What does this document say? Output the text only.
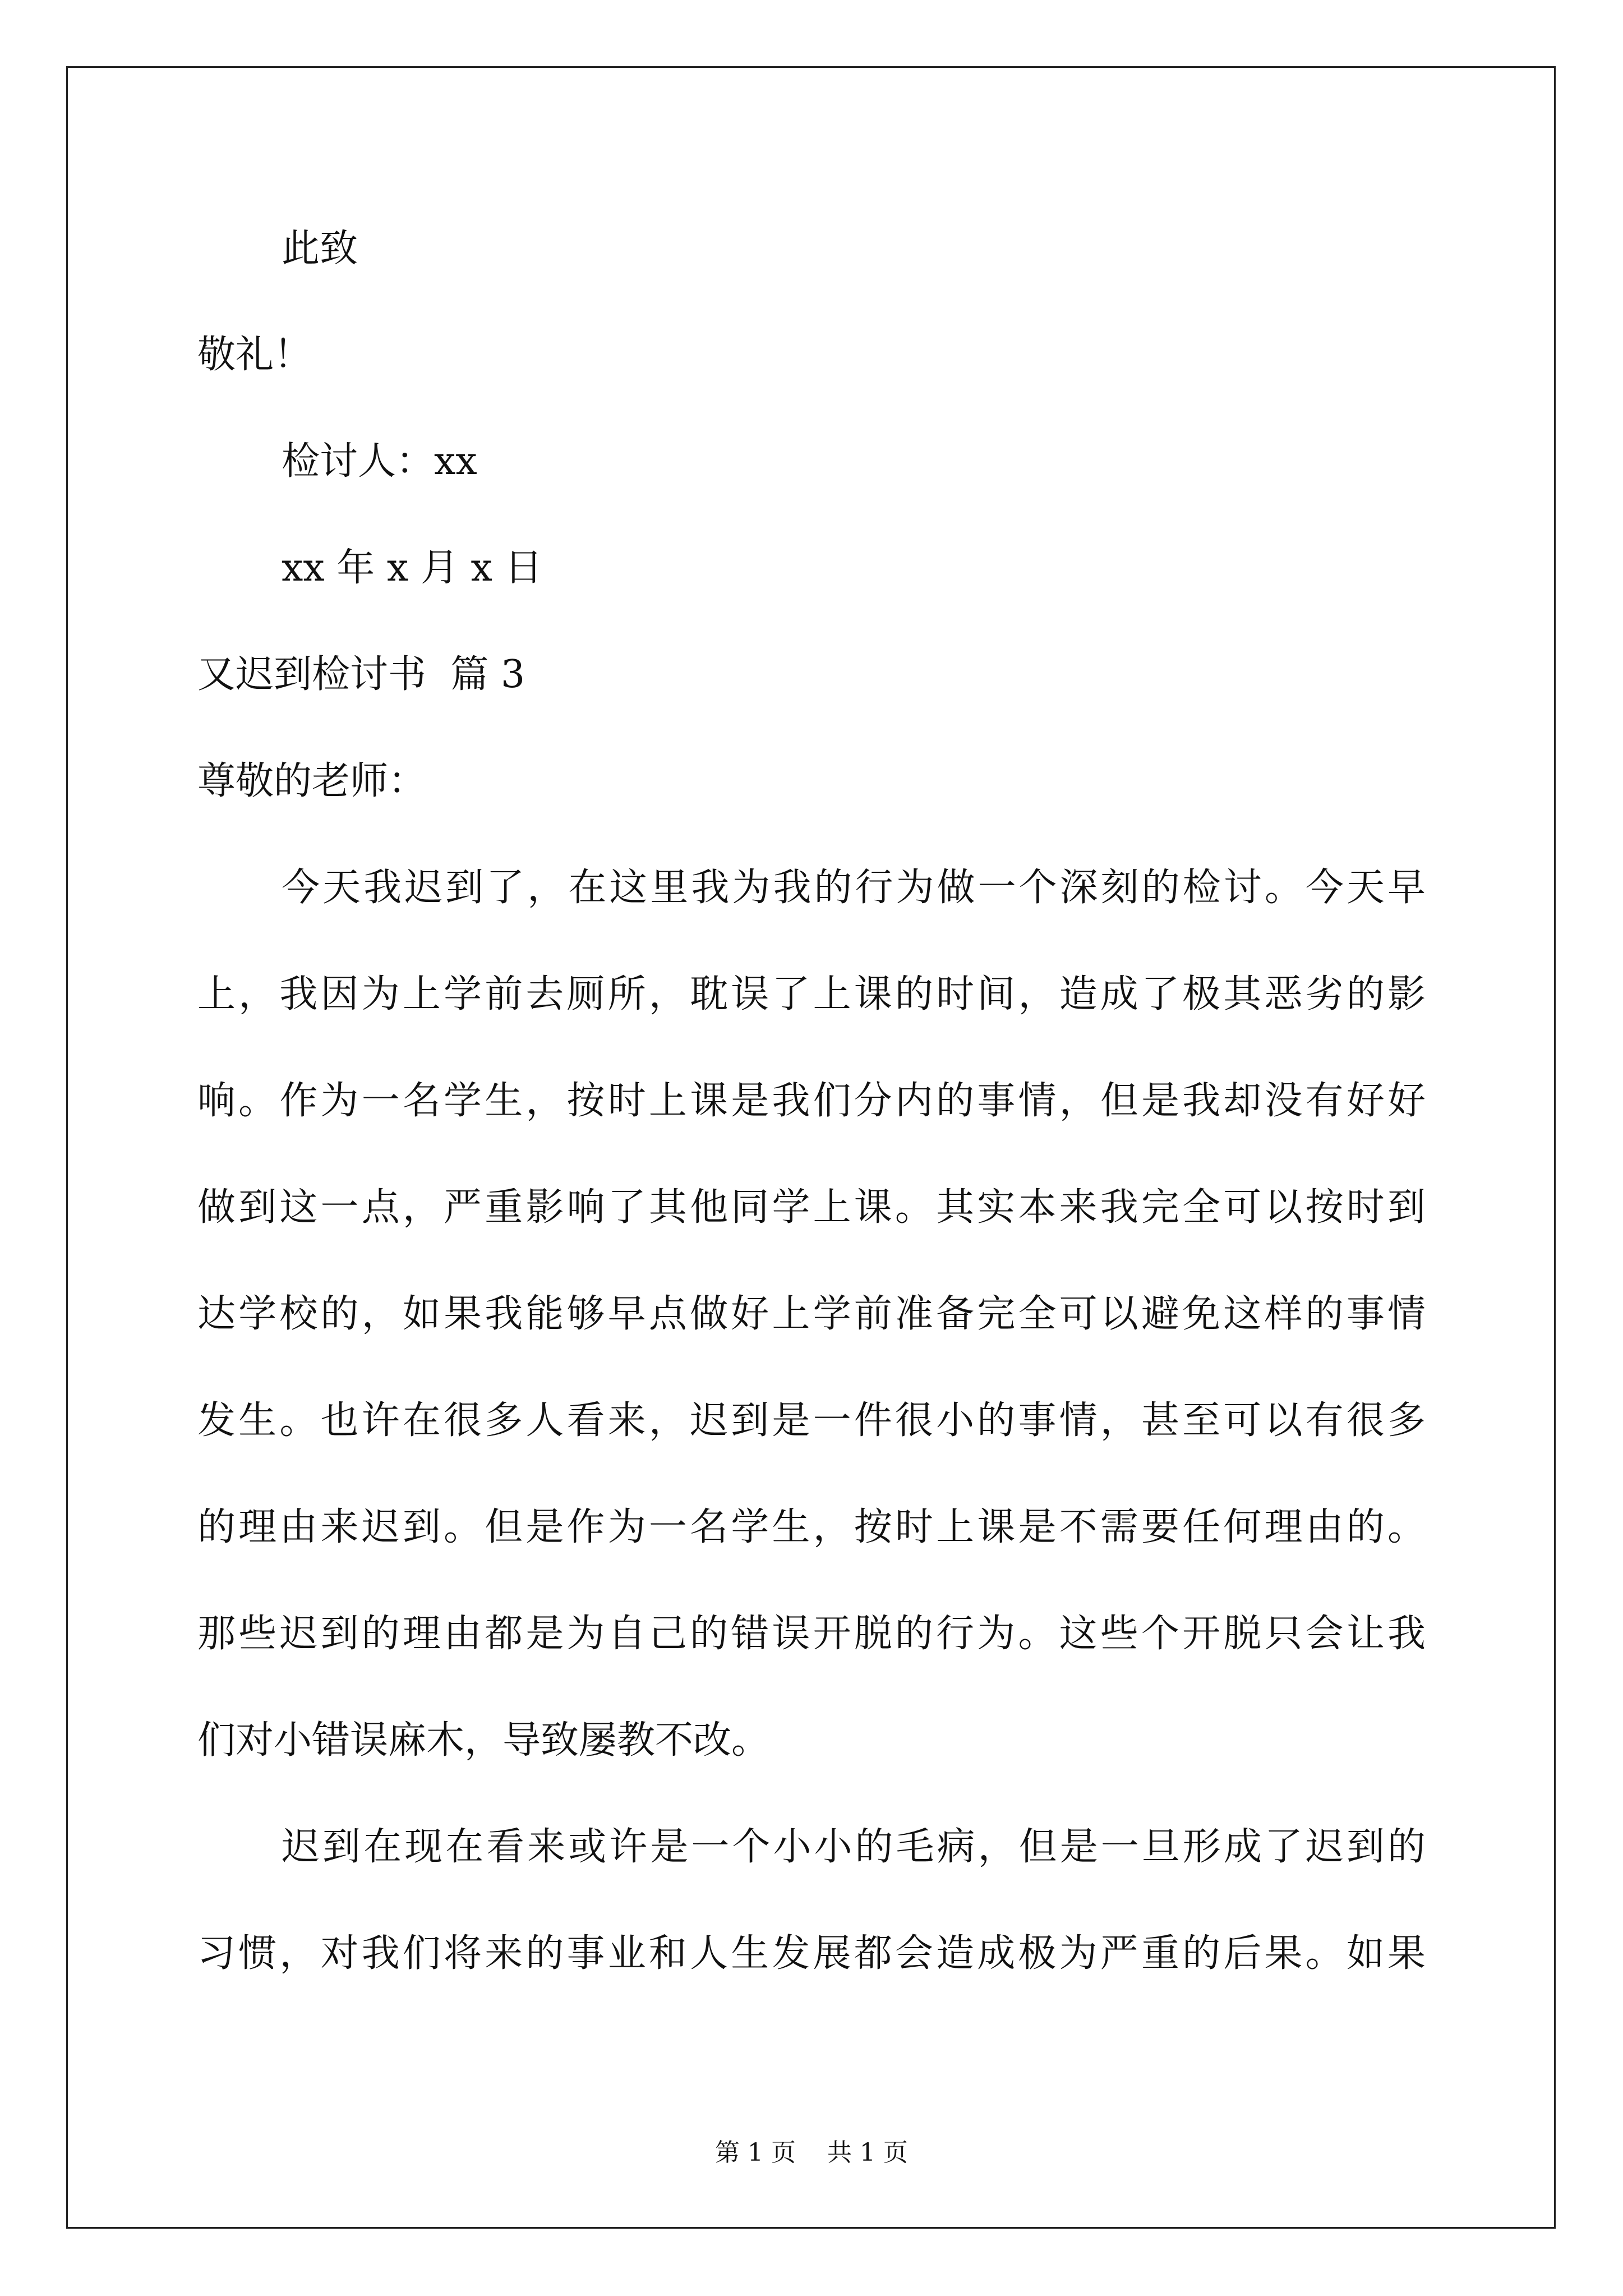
此致
敬礼！
检讨人：xx
xx 年 x 月 x 日
又迟到检讨书  篇 3
尊敬的老师：
今天我迟到了，在这里我为我的行为做一个深刻的检讨。今天早
上，我因为上学前去厕所，耽误了上课的时间，造成了极其恶劣的影
响。作为一名学生，按时上课是我们分内的事情，但是我却没有好好
做到这一点，严重影响了其他同学上课。其实本来我完全可以按时到
达学校的，如果我能够早点做好上学前准备完全可以避免这样的事情
发生。也许在很多人看来，迟到是一件很小的事情，甚至可以有很多
的理由来迟到。但是作为一名学生，按时上课是不需要任何理由的。
那些迟到的理由都是为自己的错误开脱的行为。这些个开脱只会让我
们对小错误麻木，导致屡教不改。
迟到在现在看来或许是一个小小的毛病，但是一旦形成了迟到的
习惯，对我们将来的事业和人生发展都会造成极为严重的后果。如果
第 1 页    共 1 页
